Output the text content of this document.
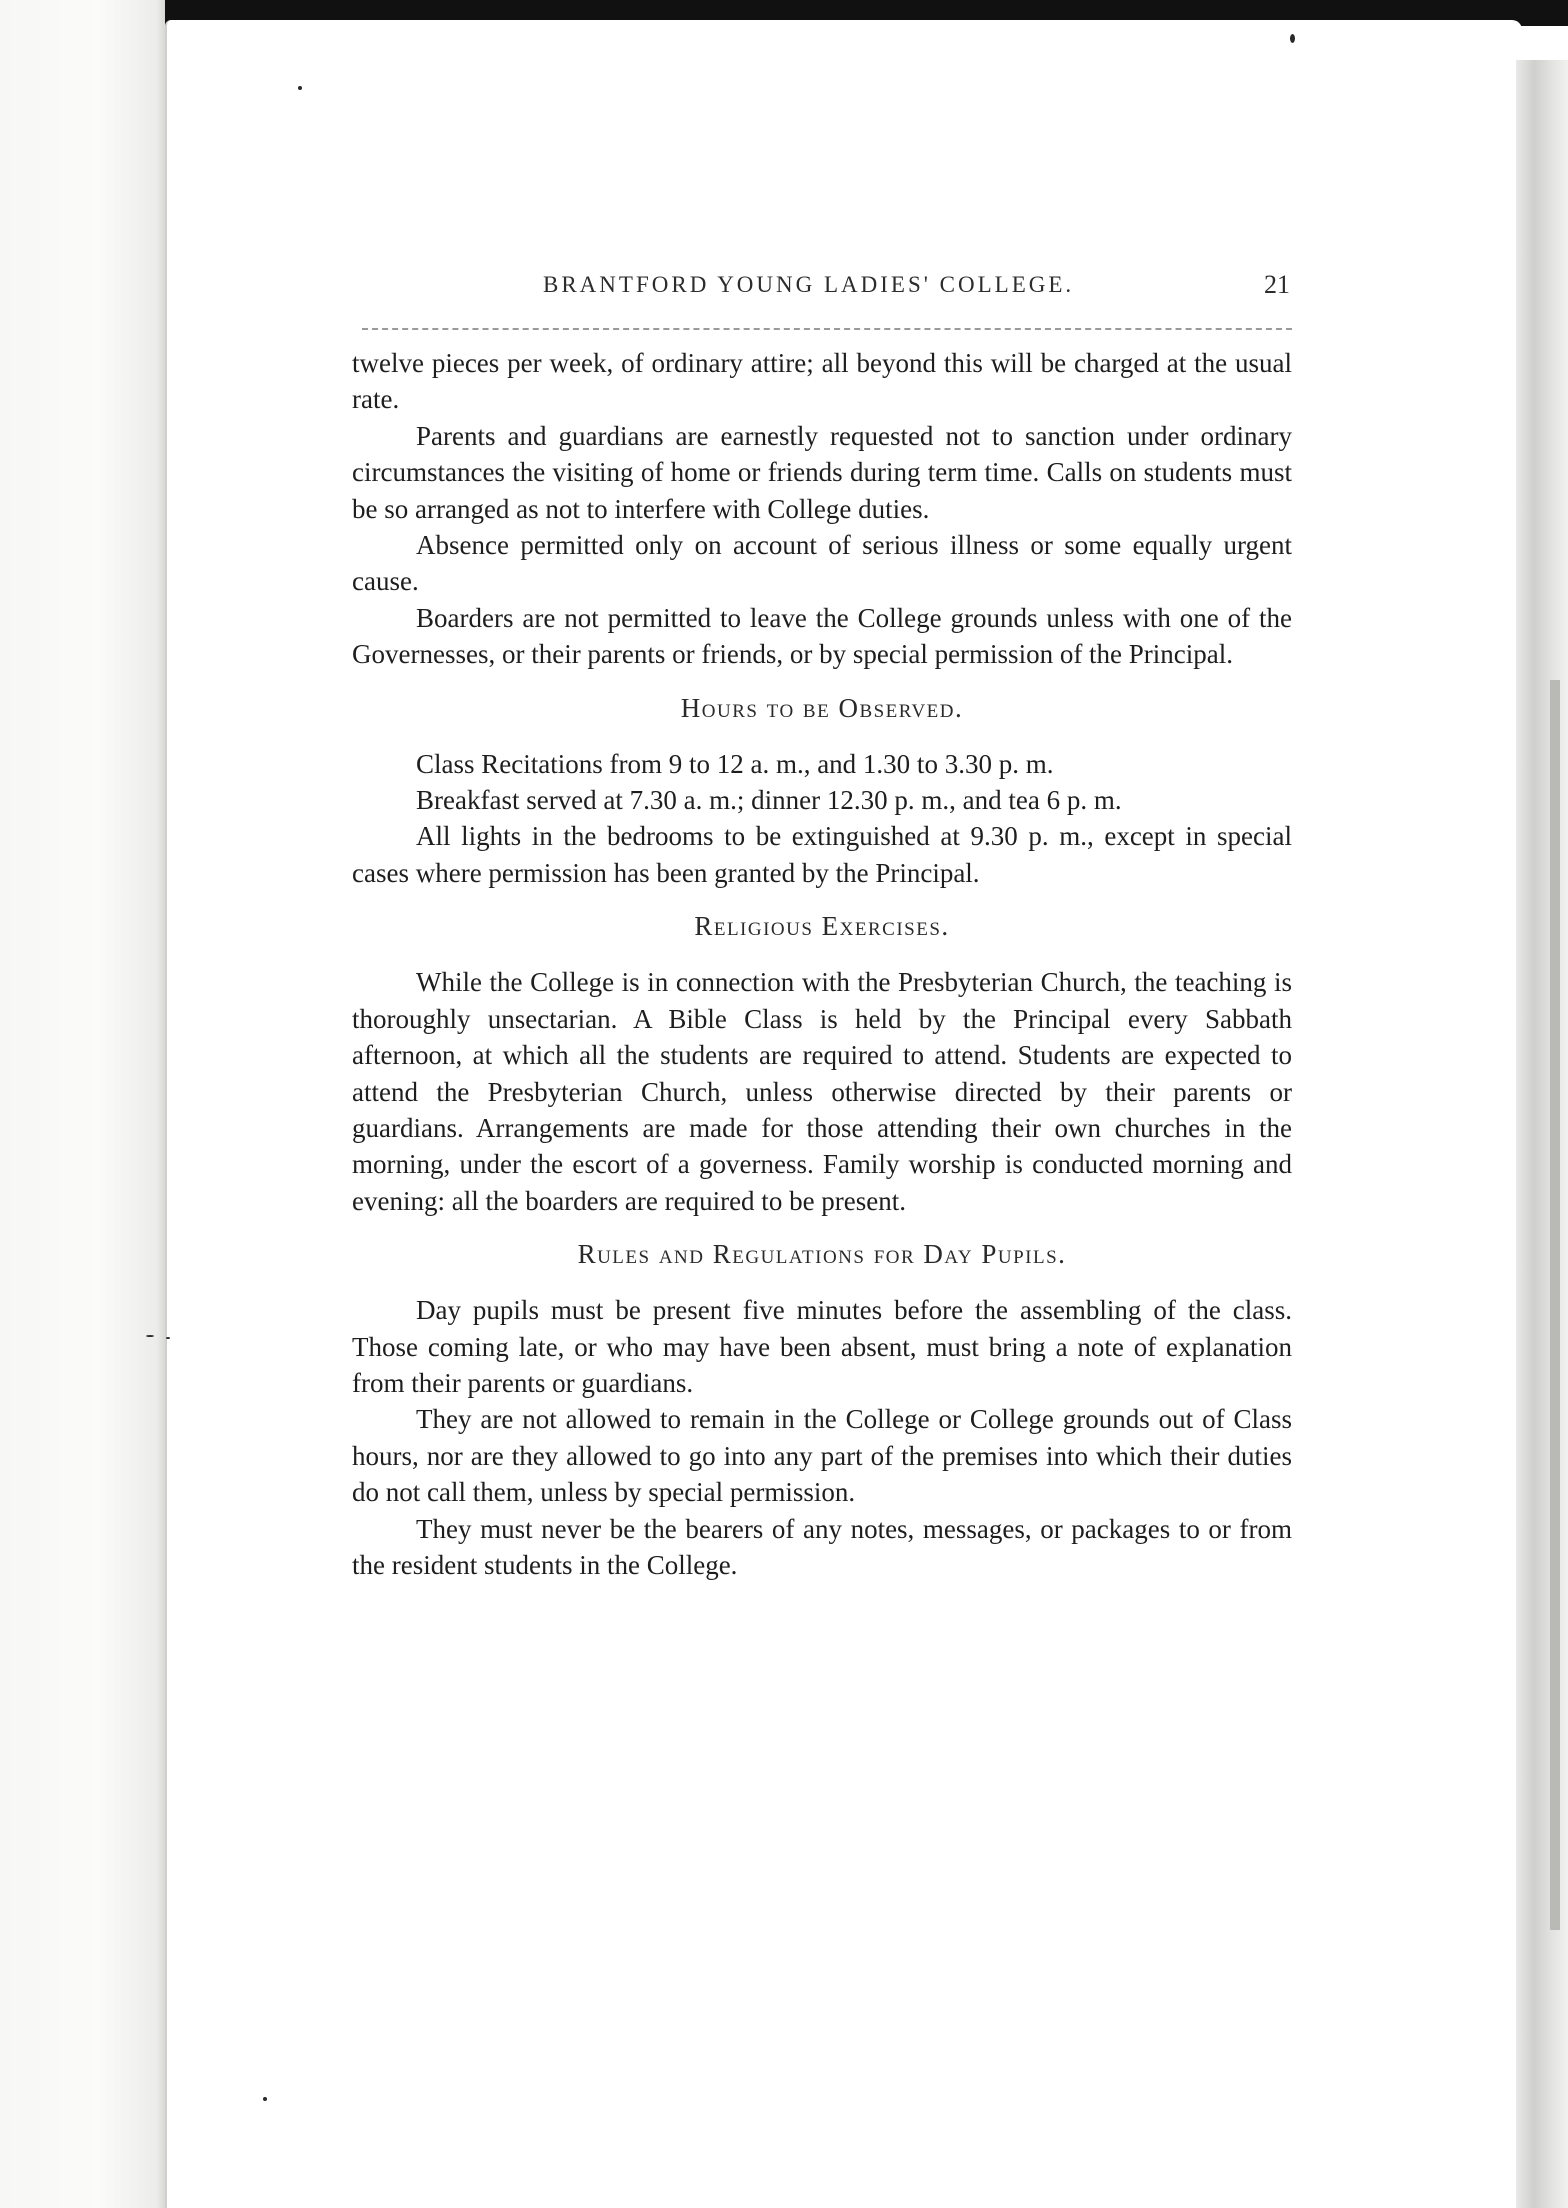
BRANTFORD YOUNG LADIES' COLLEGE.	21

twelve pieces per week, of ordinary attire; all beyond this will be charged at the usual rate.

Parents and guardians are earnestly requested not to sanction under ordinary circumstances the visiting of home or friends during term time. Calls on students must be so arranged as not to interfere with College duties.

Absence permitted only on account of serious illness or some equally urgent cause.

Boarders are not permitted to leave the College grounds unless with one of the Governesses, or their parents or friends, or by special permission of the Principal.

Hours to be Observed.

Class Recitations from 9 to 12 a. m., and 1.30 to 3.30 p. m.

Breakfast served at 7.30 a. m.; dinner 12.30 p. m., and tea 6 p. m.

All lights in the bedrooms to be extinguished at 9.30 p. m., except in special cases where permission has been granted by the Principal.

Religious Exercises.

While the College is in connection with the Presbyterian Church, the teaching is thoroughly unsectarian. A Bible Class is held by the Principal every Sabbath afternoon, at which all the students are required to attend. Students are expected to attend the Presbyterian Church, unless otherwise directed by their parents or guardians. Arrangements are made for those attending their own churches in the morning, under the escort of a governess. Family worship is conducted morning and evening: all the boarders are required to be present.

Rules and Regulations for Day Pupils.

Day pupils must be present five minutes before the assembling of the class. Those coming late, or who may have been absent, must bring a note of explanation from their parents or guardians.

They are not allowed to remain in the College or College grounds out of Class hours, nor are they allowed to go into any part of the premises into which their duties do not call them, unless by special permission.

They must never be the bearers of any notes, messages, or packages to or from the resident students in the College.
